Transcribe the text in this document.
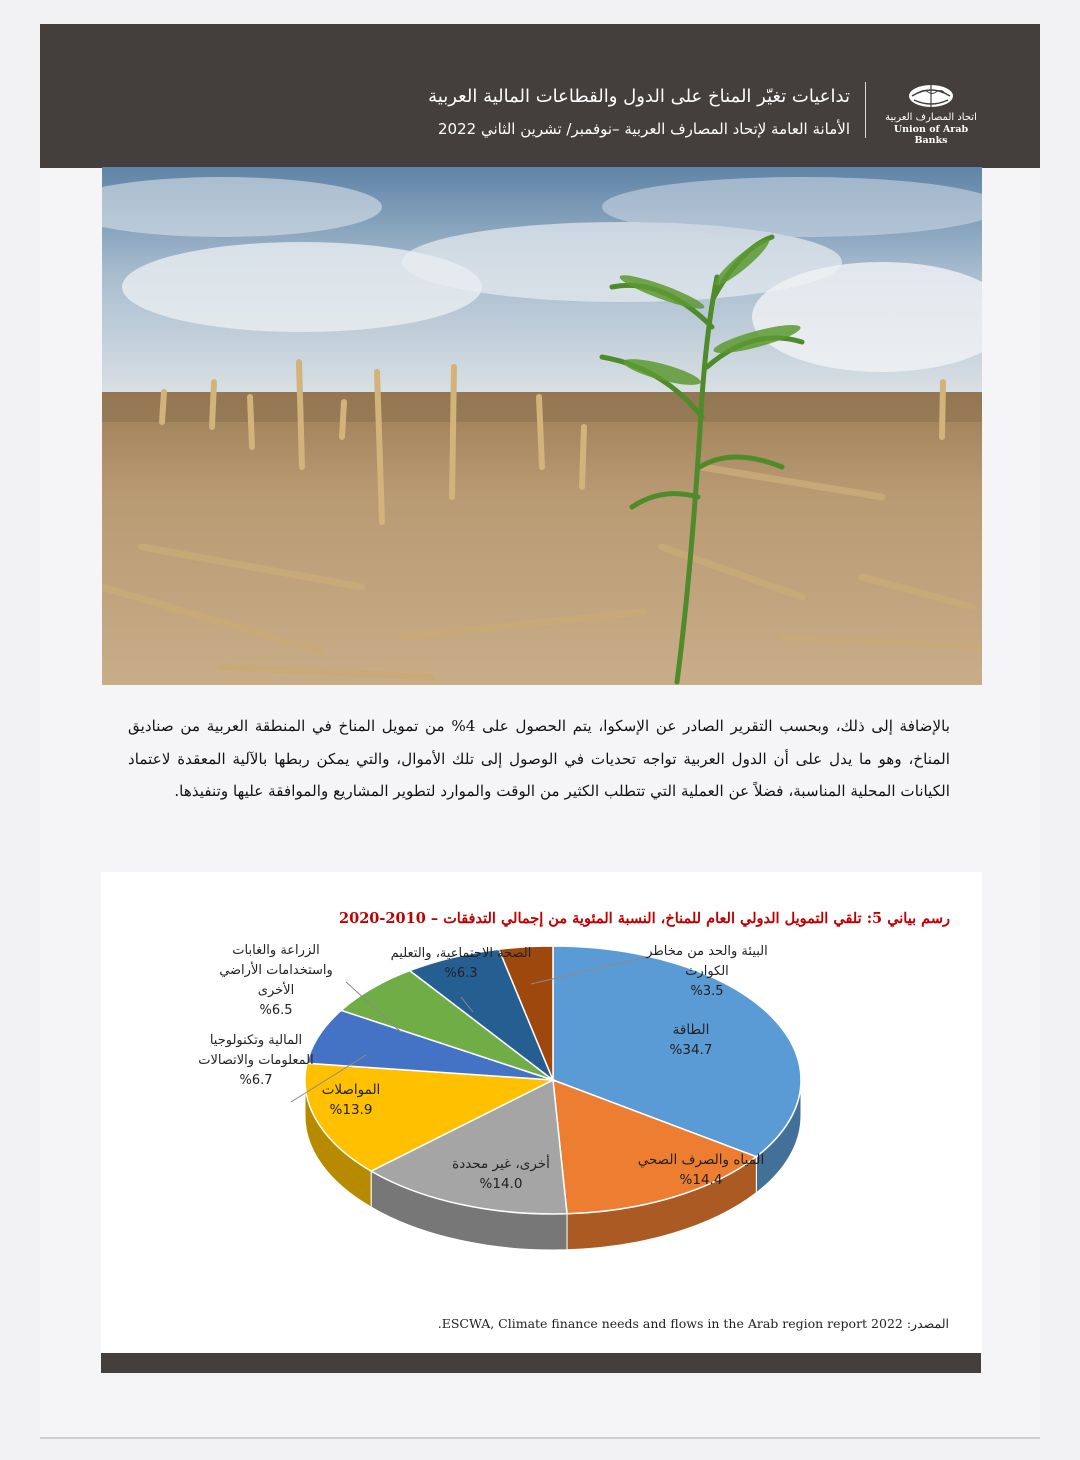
تداعيات تغيّر المناخ على الدول والقطاعات المالية العربية
الأمانة العامة لإتحاد المصارف العربية –نوفمبر/ تشرين الثاني 2022
اتحاد المصارف العربية
Union of Arab Banks
بالإضافة إلى ذلك، وبحسب التقرير الصادر عن الإسكوا، يتم الحصول على 4% من تمويل المناخ في المنطقة العربية من صناديق المناخ، وهو ما يدل على أن الدول العربية تواجه تحديات في الوصول إلى تلك الأموال، والتي يمكن ربطها بالآلية المعقدة لاعتماد الكيانات المحلية المناسبة، فضلاً عن العملية التي تتطلب الكثير من الوقت والموارد لتطوير المشاريع والموافقة عليها وتنفيذها.
رسم بياني 5: تلقي التمويل الدولي العام للمناخ، النسبة المئوية من إجمالي التدفقات – 2010-2020
الطاقة %34.7
المياه والصرف الصحي %14.4
أخرى، غير محددة %14.0
المواصلات %13.9
المالية وتكنولوجيا المعلومات والاتصالات %6.7
الزراعة والغابات واستخدامات الأراضي الأخرى %6.5
الصحة الاجتماعية، والتعليم %6.3
البيئة والحد من مخاطر الكوارث %3.5
المصدر: ESCWA, Climate finance needs and flows in the Arab region report 2022.
